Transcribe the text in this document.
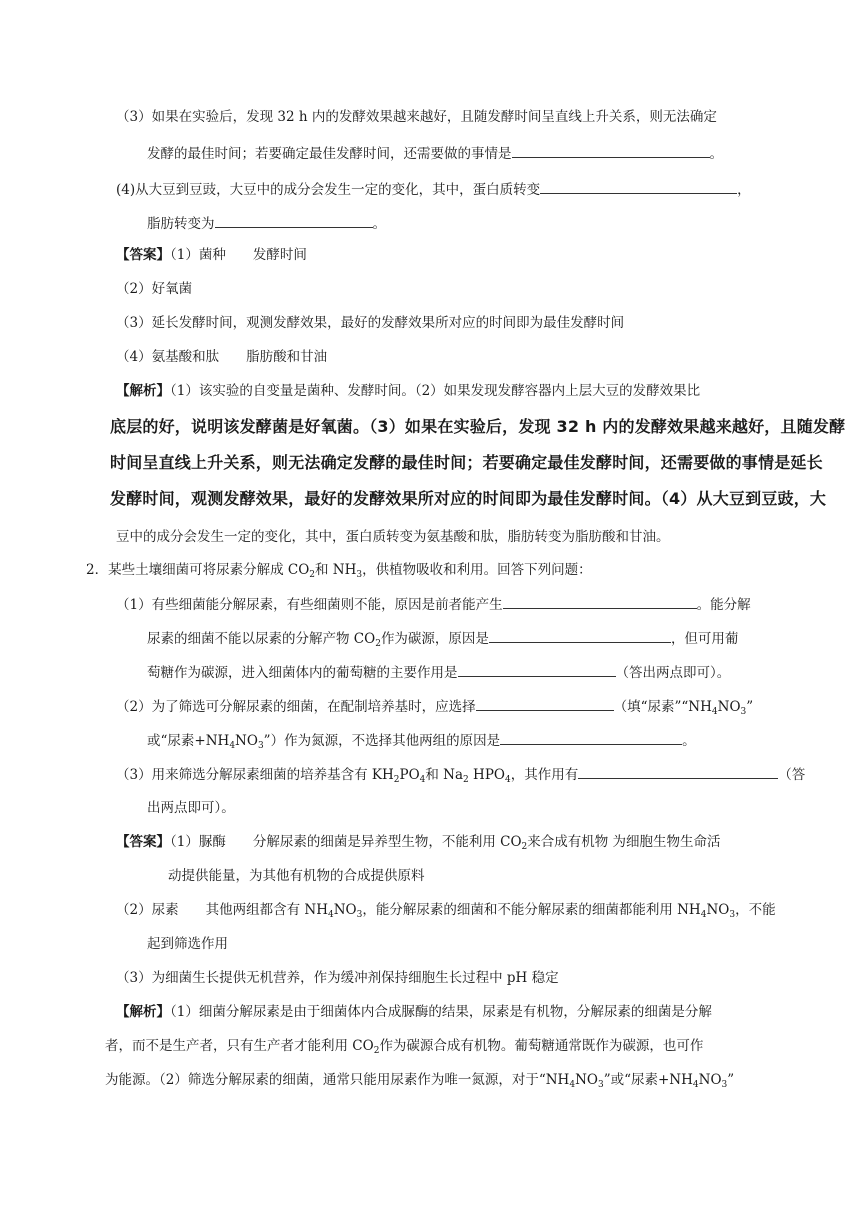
（3）如果在实验后，发现 32 h 内的发酵效果越来越好，且随发酵时间呈直线上升关系，则无法确定
发酵的最佳时间；若要确定最佳发酵时间，还需要做的事情是	。
(4)从大豆到豆豉，大豆中的成分会发生一定的变化，其中，蛋白质转变	，
脂肪转变为	。
【答案】（1）菌种　　发酵时间
（2）好氧菌
（3）延长发酵时间，观测发酵效果，最好的发酵效果所对应的时间即为最佳发酵时间
（4）氨基酸和肽　　脂肪酸和甘油
【解析】（1）该实验的自变量是菌种、发酵时间。（2）如果发现发酵容器内上层大豆的发酵效果比
底层的好，说明该发酵菌是好氧菌。（3）如果在实验后，发现 32 h 内的发酵效果越来越好，且随发酵
时间呈直线上升关系，则无法确定发酵的最佳时间；若要确定最佳发酵时间，还需要做的事情是延长
发酵时间，观测发酵效果，最好的发酵效果所对应的时间即为最佳发酵时间。（4）从大豆到豆豉，大
豆中的成分会发生一定的变化，其中，蛋白质转变为氨基酸和肽，脂肪转变为脂肪酸和甘油。
2．某些土壤细菌可将尿素分解成 $CO_2$和 $NH_3$，供植物吸收和利用。回答下列问题：
（1）有些细菌能分解尿素，有些细菌则不能，原因是前者能产生	。能分解
尿素的细菌不能以尿素的分解产物 $CO_2$作为碳源，原因是	，但可用葡
萄糖作为碳源，进入细菌体内的葡萄糖的主要作用是	（答出两点即可）。
（2）为了筛选可分解尿素的细菌，在配制培养基时，应选择	（填“尿素$”“NH_4NO_3$”
或“尿素$+NH_4NO_3$”）作为氮源，不选择其他两组的原因是	。
（3）用来筛选分解尿素细菌的培养基含有 $KH_2PO_4$和 $Na_2$ $HPO_4$，其作用有	（答
出两点即可）。
【答案】（1）脲酶　　分解尿素的细菌是异养型生物，不能利用 $CO_2$来合成有机物 为细胞生物生命活
动提供能量，为其他有机物的合成提供原料
（2）尿素　　其他两组都含有 $NH_4NO_3$，能分解尿素的细菌和不能分解尿素的细菌都能利用 $NH_4NO_3$，不能
起到筛选作用
（3）为细菌生长提供无机营养，作为缓冲剂保持细胞生长过程中 pH 稳定
【解析】（1）细菌分解尿素是由于细菌体内合成脲酶的结果，尿素是有机物，分解尿素的细菌是分解
者，而不是生产者，只有生产者才能利用 $CO_2$作为碳源合成有机物。葡萄糖通常既作为碳源，也可作
为能源。（2）筛选分解尿素的细菌，通常只能用尿素作为唯一氮源，对于“$NH_4NO_3$”或“尿素$+NH_4NO_3$”
